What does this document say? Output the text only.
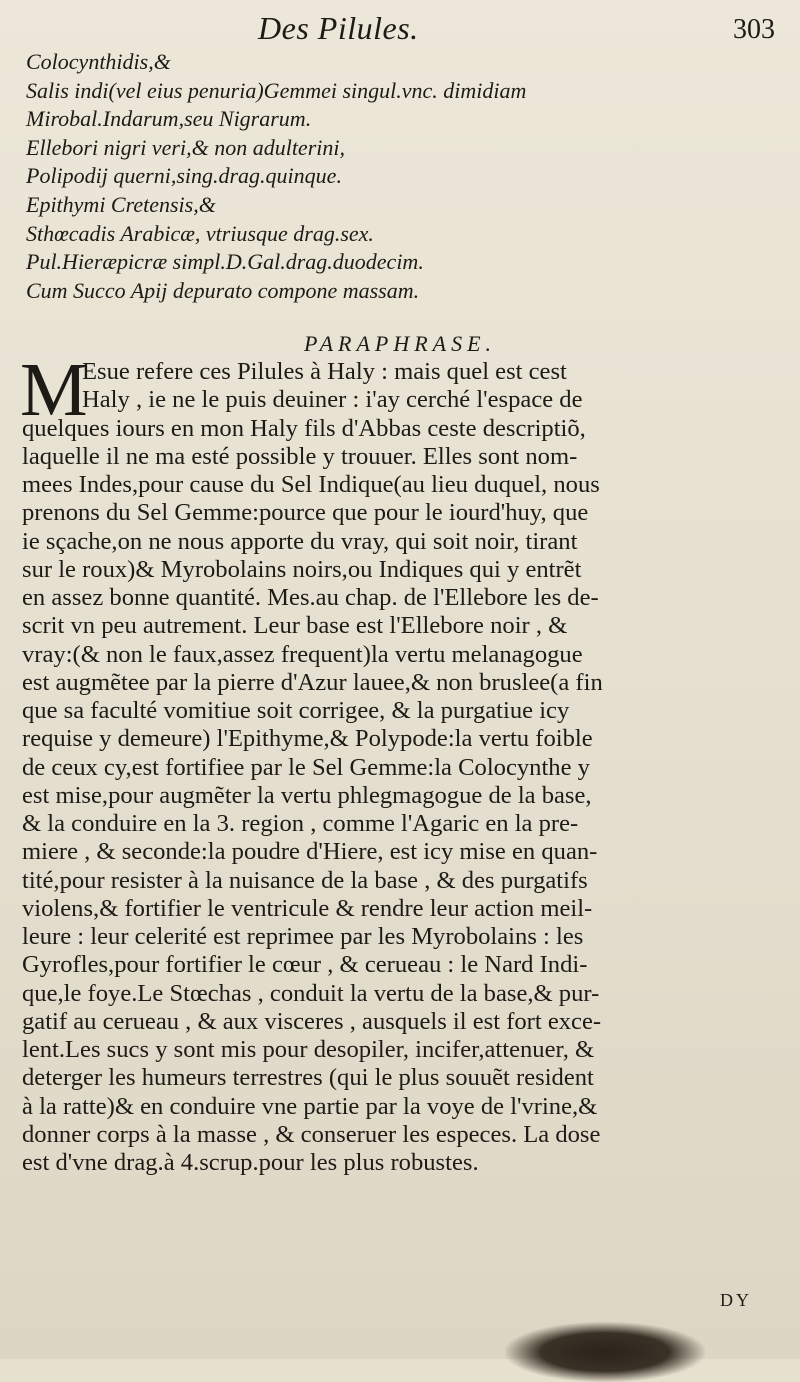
Des Pilules.	303
Colocynthidis,&
Salis indi(vel eius penuria)Gemmei singul.vnc. dimidiam
Mirobal.Indarum,seu Nigrarum.
Ellebori nigri veri,& non adulterini,
Polipodij querni,sing.drag.quinque.
Epithymi Cretensis,&
Sthœcadis Arabicæ, vtriusque drag.sex.
Pul.Hieræpicræ simpl.D.Gal.drag.duodecim.
Cum Succo Apij depurato compone massam.
PARAPHRASE.
M
Esue refere ces Pilules à Haly : mais quel est cest
Haly , ie ne le puis deuiner : i'ay cerché l'espace de
quelques iours en mon Haly fils d'Abbas ceste descriptiõ,
laquelle il ne ma esté possible y trouuer. Elles sont nom-
mees Indes,pour cause du Sel Indique(au lieu duquel, nous
prenons du Sel Gemme:pource que pour le iourd'huy, que
ie sçache,on ne nous apporte du vray, qui soit noir, tirant
sur le roux)& Myrobolains noirs,ou Indiques qui y entrẽt
en assez bonne quantité. Mes.au chap. de l'Ellebore les de-
scrit vn peu autrement. Leur base est l'Ellebore noir , &
vray:(& non le faux,assez frequent)la vertu melanagogue
est augmẽtee par la pierre d'Azur lauee,& non bruslee(a fin
que sa faculté vomitiue soit corrigee, & la purgatiue icy
requise y demeure) l'Epithyme,& Polypode:la vertu foible
de ceux cy,est fortifiee par le Sel Gemme:la Colocynthe y
est mise,pour augmẽter la vertu phlegmagogue de la base,
& la conduire en la 3. region , comme l'Agaric en la pre-
miere , & seconde:la poudre d'Hiere, est icy mise en quan-
tité,pour resister à la nuisance de la base , & des purgatifs
violens,& fortifier le ventricule & rendre leur action meil-
leure : leur celerité est reprimee par les Myrobolains : les
Gyrofles,pour fortifier le cœur , & cerueau : le Nard Indi-
que,le foye.Le Stœchas , conduit la vertu de la base,& pur-
gatif au cerueau , & aux visceres , ausquels il est fort exce-
lent.Les sucs y sont mis pour desopiler, incifer,attenuer, &
deterger les humeurs terrestres (qui le plus souuẽt resident
à la ratte)& en conduire vne partie par la voye de l'vrine,&
donner corps à la masse , & conseruer les especes. La dose
est d'vne drag.à 4.scrup.pour les plus robustes.
DY
